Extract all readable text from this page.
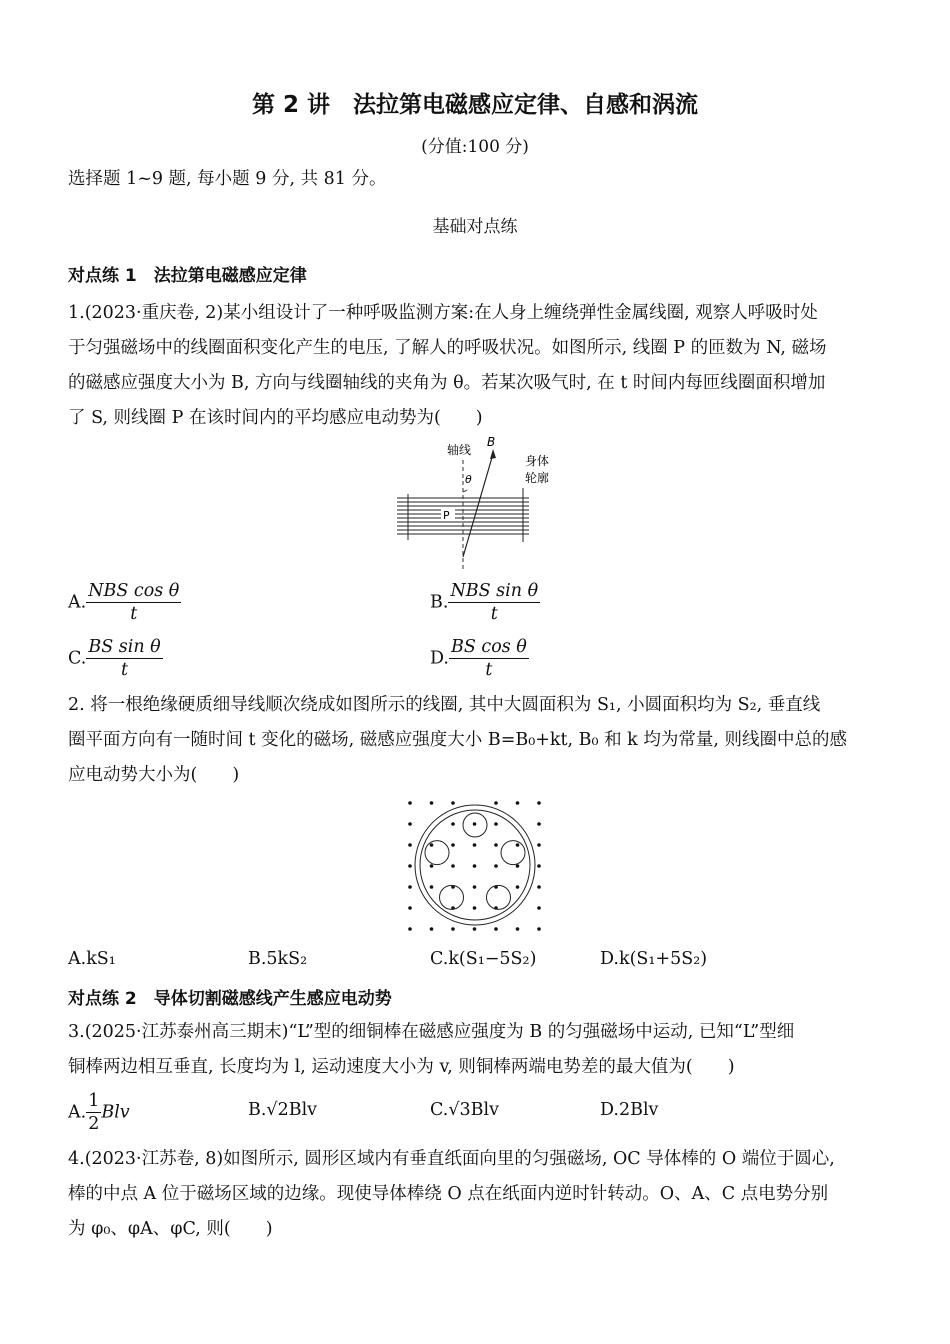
第 2 讲　法拉第电磁感应定律、自感和涡流
(分值:100 分)
选择题 1~9 题, 每小题 9 分, 共 81 分。
基础对点练
对点练 1　法拉第电磁感应定律
1.(2023·重庆卷, 2)某小组设计了一种呼吸监测方案:在人身上缠绕弹性金属线圈, 观察人呼吸时处
于匀强磁场中的线圈面积变化产生的电压, 了解人的呼吸状况。如图所示, 线圈 P 的匝数为 N, 磁场
的磁感应强度大小为 B, 方向与线圈轴线的夹角为 θ。若某次吸气时, 在 t 时间内每匝线圈面积增加
了 S, 则线圈 P 在该时间内的平均感应电动势为(　　)
轴线
B
θ
身体
轮廓
P
A. $\frac{\text{NBS cos θ}}{t}$	B. $\frac{\text{NBS sin θ}}{t}$
C. $\frac{\text{BS sin θ}}{t}$	D. $\frac{\text{BS cos θ}}{t}$
2. 将一根绝缘硬质细导线顺次绕成如图所示的线圈, 其中大圆面积为 S₁, 小圆面积均为 S₂, 垂直线
圈平面方向有一随时间 t 变化的磁场, 磁感应强度大小 B=B₀+kt, B₀ 和 k 均为常量, 则线圈中总的感
应电动势大小为(　　)
A.kS₁	B.5kS₂	C.k(S₁−5S₂)	D.k(S₁+5S₂)
对点练 2　导体切割磁感线产生感应电动势
3.(2025·江苏泰州高三期末)“L”型的细铜棒在磁感应强度为 B 的匀强磁场中运动, 已知“L”型细
铜棒两边相互垂直, 长度均为 l, 运动速度大小为 v, 则铜棒两端电势差的最大值为(　　)
A. $\frac{1}{2}$ Blv	B.√2Blv	C.√3Blv	D.2Blv
4.(2023·江苏卷, 8)如图所示, 圆形区域内有垂直纸面向里的匀强磁场, OC 导体棒的 O 端位于圆心,
棒的中点 A 位于磁场区域的边缘。现使导体棒绕 O 点在纸面内逆时针转动。O、A、C 点电势分别
为 φ₀、φA、φC, 则(　　)
